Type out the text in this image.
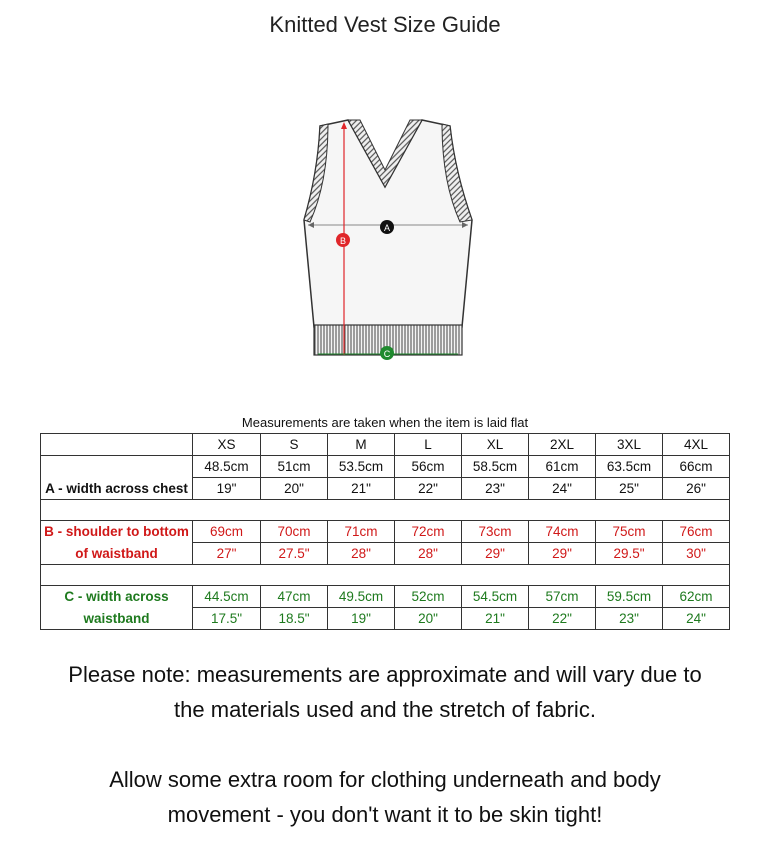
Knitted Vest Size Guide
A
B
C
Measurements are taken when the item is laid flat
	XS	S	M	L	XL	2XL	3XL	4XL
	48.5cm	51cm	53.5cm	56cm	58.5cm	61cm	63.5cm	66cm
A - width across chest	19"	20"	21"	22"	23"	24"	25"	26"

B - shoulder to bottom	69cm	70cm	71cm	72cm	73cm	74cm	75cm	76cm
of waistband	27"	27.5"	28"	28"	29"	29"	29.5"	30"

C - width across	44.5cm	47cm	49.5cm	52cm	54.5cm	57cm	59.5cm	62cm
waistband	17.5"	18.5"	19"	20"	21"	22"	23"	24"
Please note: measurements are approximate and will vary due to
the materials used and the stretch of fabric.
Allow some extra room for clothing underneath and body
movement - you don't want it to be skin tight!
